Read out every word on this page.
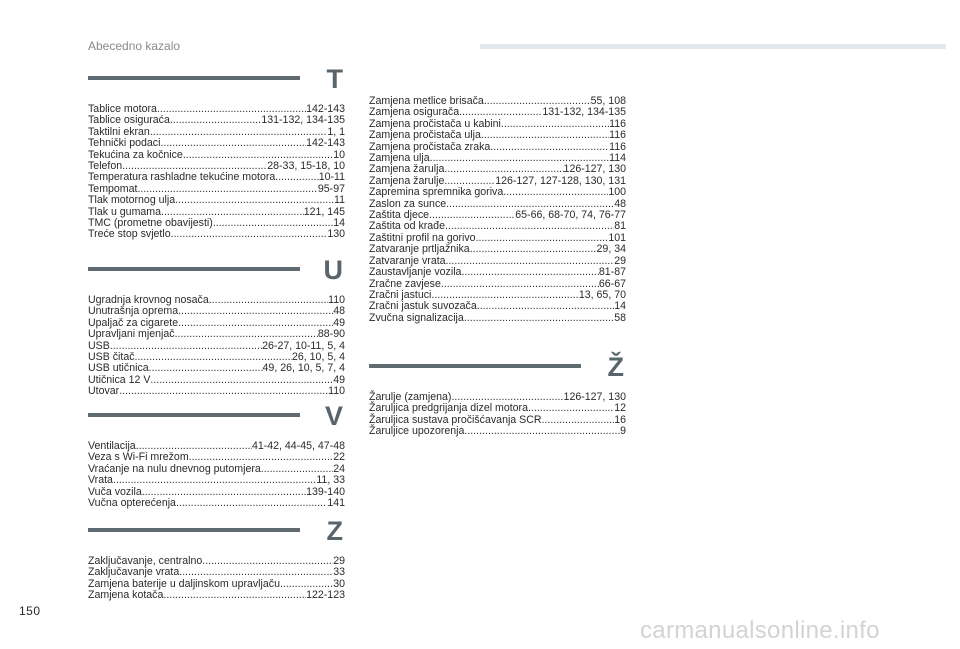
Abecedno kazalo
T
Tablice motora .....	142-143
Tablice osiguraća .....	131-132, 134-135
Taktilni ekran .....	1, 1
Tehnički podaci .....	142-143
Tekućina za kočnice .....	10
Telefon .....	28-33, 15-18, 10
Temperatura rashladne tekućine motora .....	10-11
Tempomat .....	95-97
Tlak motornog ulja .....	11
Tlak u gumama .....	121, 145
TMC (prometne obavijesti) .....	14
Treće stop svjetlo .....	130
U
Ugradnja krovnog nosača .....	110
Unutrašnja oprema .....	48
Upaljač za cigarete .....	49
Upravljani mjenjač .....	88-90
USB .....	26-27, 10-11, 5, 4
USB čitač .....	26, 10, 5, 4
USB utičnica .....	49, 26, 10, 5, 7, 4
Utičnica 12 V .....	49
Utovar .....	110
V
Ventilacija .....	41-42, 44-45, 47-48
Veza s Wi-Fi mrežom .....	22
Vraćanje na nulu dnevnog putomjera .....	24
Vrata .....	11, 33
Vuča vozila .....	139-140
Vučna opterećenja .....	141
Z
Zaključavanje, centralno .....	29
Zaključavanje vrata .....	33
Zamjena baterije u daljinskom upravljaču .....	30
Zamjena kotača .....	122-123
Zamjena metlice brisača .....	55, 108
Zamjena osigurača .....	131-132, 134-135
Zamjena pročistača u kabini .....	116
Zamjena pročistača ulja .....	116
Zamjena pročistača zraka .....	116
Zamjena ulja .....	114
Zamjena žarulja .....	126-127, 130
Zamjena žarulje .....	126-127, 127-128, 130, 131
Zapremina spremnika goriva .....	100
Zaslon za sunce .....	48
Zaštita djece .....	65-66, 68-70, 74, 76-77
Zaštita od krađe .....	81
Zaštitni profil na gorivo .....	101
Zatvaranje prtljažnika .....	29, 34
Zatvaranje vrata .....	29
Zaustavljanje vozila .....	81-87
Zračne zavjese .....	66-67
Zračni jastuci .....	13, 65, 70
Zračni jastuk suvozača .....	14
Zvučna signalizacija .....	58
Ž
Žarulje (zamjena) .....	126-127, 130
Žaruljica predgrijanja dizel motora .....	12
Žaruljica sustava pročišćavanja SCR .....	16
Žaruljice upozorenja .....	9
150
carmanualsonline.info
